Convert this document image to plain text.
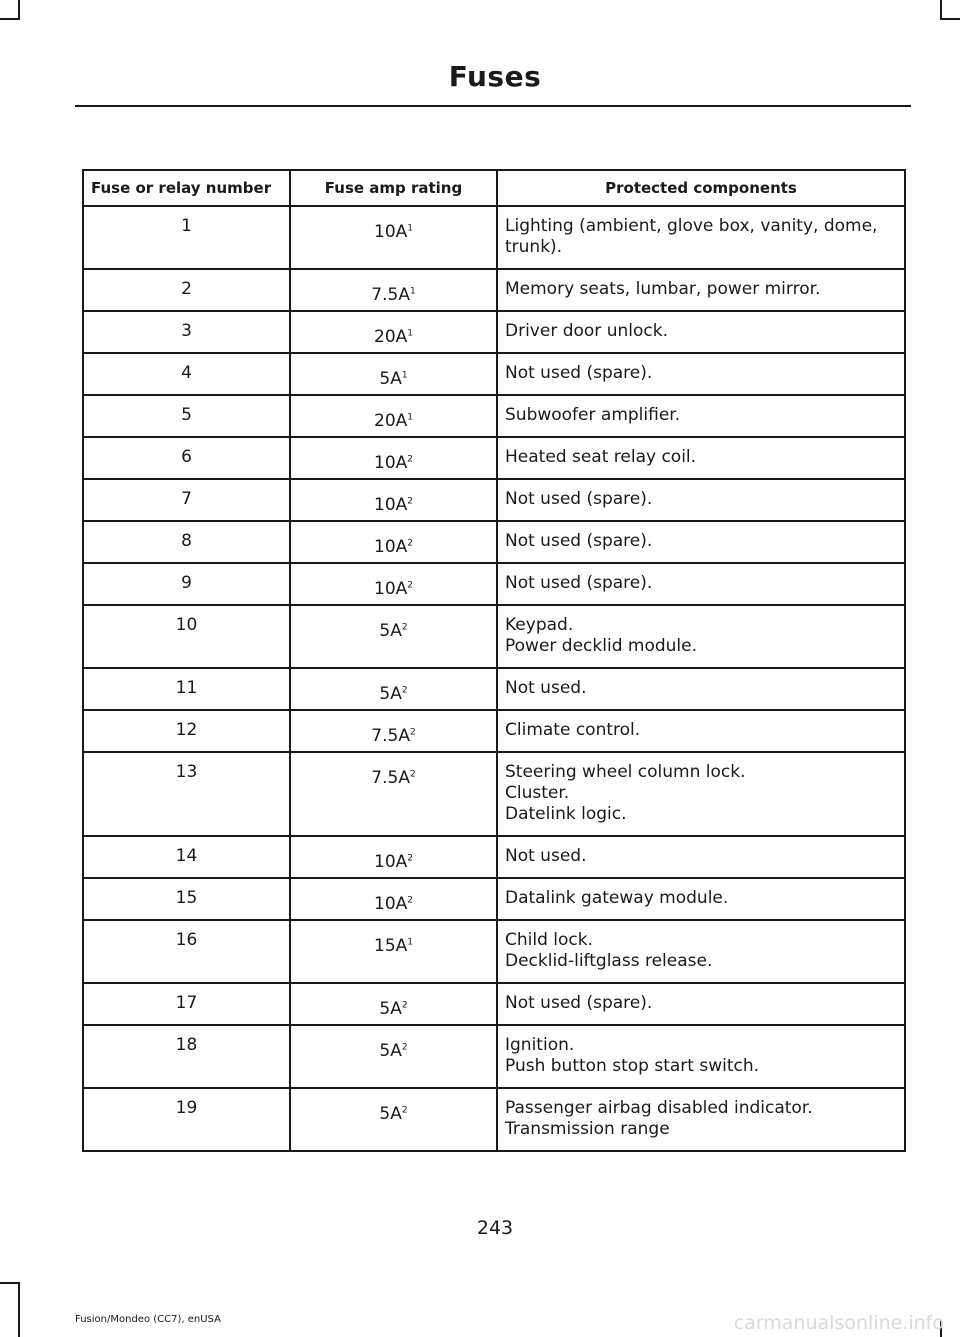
Fuses
Fuse or relay number	Fuse amp rating	Protected components
1	$10A^1$	Lighting (ambient, glove box, vanity, dome, trunk).

2	$7.5A^1$	Memory seats, lumbar, power mirror.

3	$20A^1$	Driver door unlock.

4	$5A^1$	Not used (spare).

5	$20A^1$	Subwoofer amplifier.

6	$10A^2$	Heated seat relay coil.

7	$10A^2$	Not used (spare).

8	$10A^2$	Not used (spare).

9	$10A^2$	Not used (spare).

10	$5A^2$	Keypad.
Power decklid module.

11	$5A^2$	Not used.

12	$7.5A^2$	Climate control.

13	$7.5A^2$	Steering wheel column lock.
Cluster.
Datelink logic.

14	$10A^2$	Not used.

15	$10A^2$	Datalink gateway module.

16	$15A^1$	Child lock.
Decklid-liftglass release.

17	$5A^2$	Not used (spare).

18	$5A^2$	Ignition.
Push button stop start switch.

19	$5A^2$	Passenger airbag disabled indicator.
Transmission range
243
Fusion/Mondeo (CC7), enUSA	carmanualsonline.info
